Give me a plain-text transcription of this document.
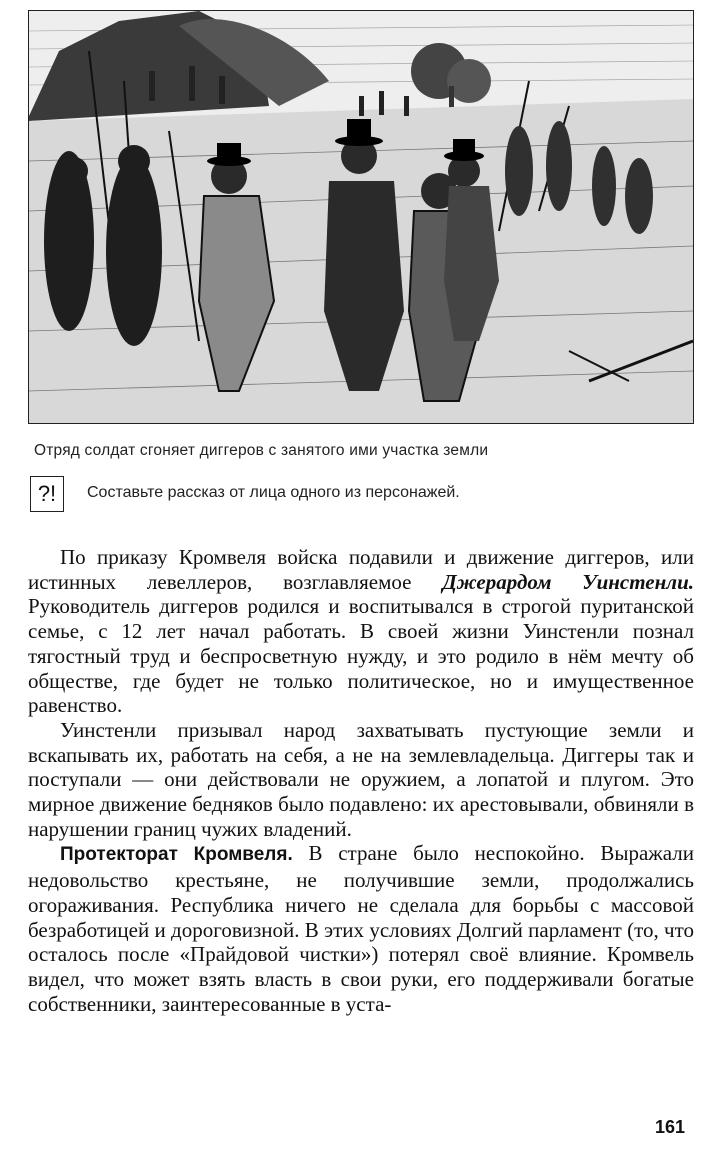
Отряд солдат сгоняет диггеров с занятого ими участка земли
?!	Составьте рассказ от лица одного из персонажей.

По приказу Кромвеля войска подавили и движение диггеров, или истинных левеллеров, возглавляемое Джерардом Уинстенли. Руководитель диггеров родился и воспитывался в строгой пуританской семье, с 12 лет начал работать. В своей жизни Уинстенли познал тягостный труд и беспросветную нужду, и это родило в нём мечту об обществе, где будет не только политическое, но и имущественное равенство.

Уинстенли призывал народ захватывать пустующие земли и вскапывать их, работать на себя, а не на землевладельца. Диггеры так и поступали — они действовали не оружием, а лопатой и плугом. Это мирное движение бедняков было подавлено: их арестовывали, обвиняли в нарушении границ чужих владений.

Протекторат Кромвеля. В стране было неспокойно. Выражали недовольство крестьяне, не получившие земли, продолжались огораживания. Республика ничего не сделала для борьбы с массовой безработицей и дороговизной. В этих условиях Долгий парламент (то, что осталось после «Прайдовой чистки») потерял своё влияние. Кромвель видел, что может взять власть в свои руки, его поддерживали богатые собственники, заинтересованные в уста-

161
